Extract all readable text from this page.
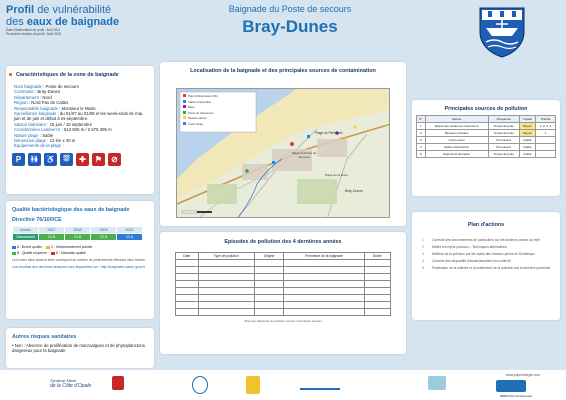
Profil de vulnérabilité
des eaux de baignade
Date d'élaboration du profil : Avril 2011
Prochaine révision du profil : Avril 2015
Baignade du Poste de secours
Bray-Dunes
Caractéristiques de la zone de baignade
Nom baignade : Poste de secours
Commune : Bray-Dunes
Département : Nord
Région : Nord Pas de Calais
Responsable baignade : Monsieur le Maire
Surveillance baignade : du 01/07 au 31/08 et les week-ends de mai, juin et de juin et début à mi-septembre.
Saison balnéaire : 15 juin / 15 septembre
Coordonnées Lambert II : 612 605 m / 2 676 395 m
Nature plage : Sable
Dimension plage : 13 km x 40 m
Équipements de la plage :
P	🚻 ♿ ⛆	✚	⚑	⊘
Qualité bactériologique des eaux de baignade
Directive 76/160/CE
Année	2007	2008	2009	2010
Classement	23 B	23 B	23 B	23 A
A : Bonne qualité	C : Momentanément polluée
B : Qualité moyenne	D : Mauvaise qualité
La numéro situé avant la lettre correspond au nombre de prélèvements effectués dans l'année.
Les résultats des dernières analyses sont disponibles sur : http://baignades.sante.gouv.fr
Autres risques sanitaires
• Non : Absence de prolifération de macroalgues et de phytoplanctons dangereux pour la baignade
Localisation de la baignade et des principales sources de contamination
Point d'observation (Nb)
Station d'épuration
Rejet
Poste de relèvement
Réseau pluvial
Cours d'eau
Plage du Perroquet
Plage du Poste de Secours
Plage de la Dune
Bray-Dunes
Episodes de pollution des 4 dernières années
Date	Type de pollution	Origine	Fermeture de la baignade	Durée

Absence d'épisode de pollution sur les 4 dernières années
Principales sources de pollution
N°	Source	Fréquence	Impact	Priorité
1	Rejets des postes de relèvement	Temps de pluie	Moyen	1, 2, 3, 4
2	Réseaux pluviaux	Temps de pluie	Moyen	1
3	Cours d'eau	Permanent	Faible	
4	Station d'épuration	Permanent	Faible	
5	Déjections animales	Temps de pluie	Faible	
Plan d'actions
1	Contrôle des branchements de particuliers sur les secteurs amont du rejet
2	Mettre les rejets pluviaux – Techniques alternatives
3	Maîtrise de la pollution par les rejets des réseaux privés de Dunkerque
4	Contrôle des dispositifs d'assainissement non collectif
5	Publication de la collecte et du traitement de la pollution par la dernière pluviosité
Syndicat Mixte
de la Côte d'Opale
www.polpreloergie.com
IMSRA Environnement
